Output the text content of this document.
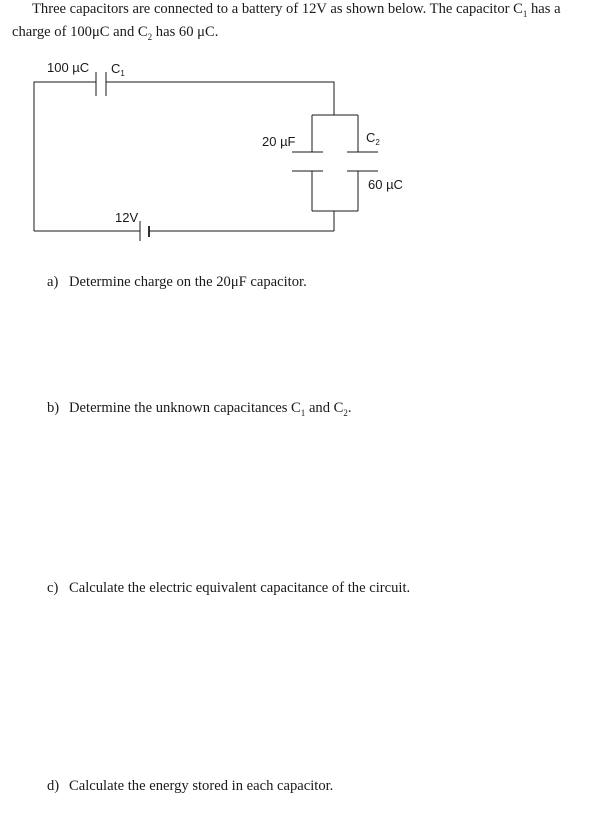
Three capacitors are connected to a battery of 12V as shown below. The capacitor $C_1$ has a
charge of 100μC and $C_2$ has 60 μC.

100 µC $C_1$
20 µF	$C_2$
60 µC
12V

a) Determine charge on the 20μF capacitor.

b) Determine the unknown capacitances $C_1$ and $C_2$.

c) Calculate the electric equivalent capacitance of the circuit.

d) Calculate the energy stored in each capacitor.
